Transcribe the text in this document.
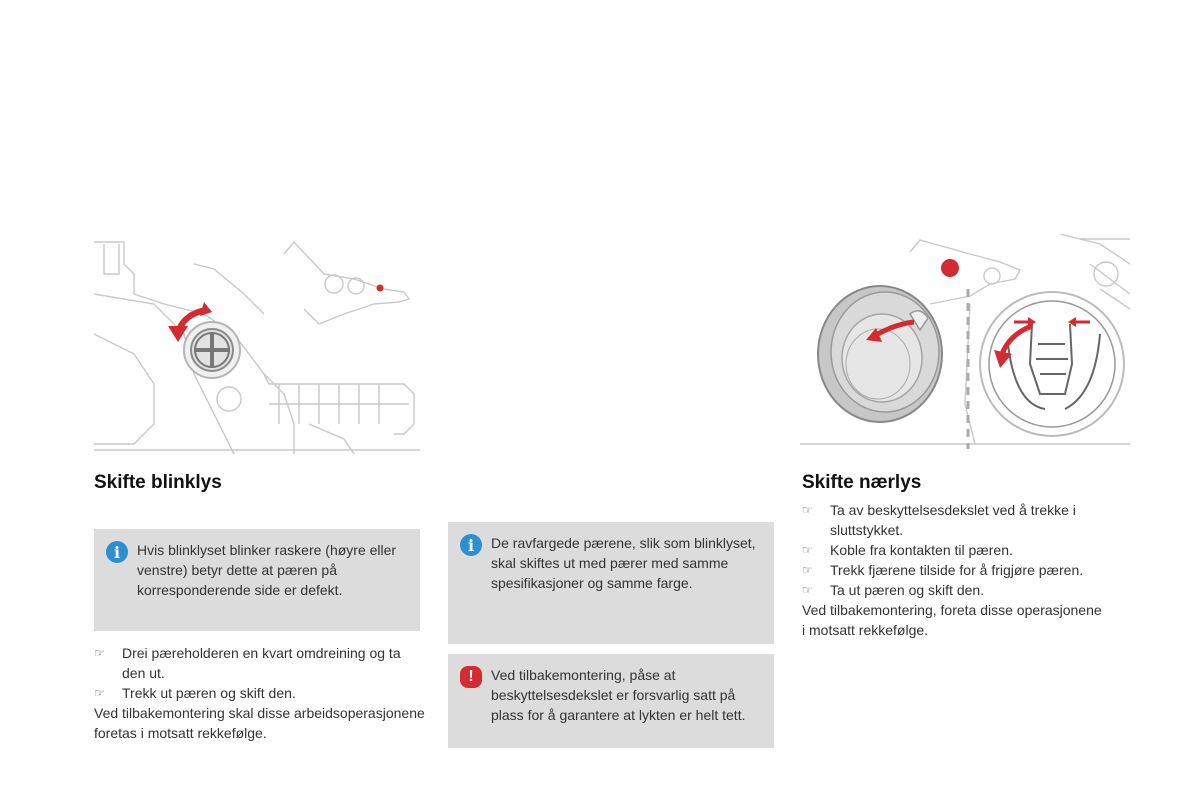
Skifte blinklys
i	Hvis blinklyset blinker raskere (høyre eller venstre) betyr dette at pæren på korresponderende side er defekt.
☞ Drei pæreholderen en kvart omdreining og ta den ut.
☞ Trekk ut pæren og skift den.

Ved tilbakemontering skal disse arbeidsoperasjonene foretas i motsatt rekkefølge.

i	De ravfargede pærene, slik som blinklyset, skal skiftes ut med pærer med samme spesifikasjoner og samme farge.
!	Ved tilbakemontering, påse at beskyttelsesdekslet er forsvarlig satt på plass for å garantere at lykten er helt tett.
Skifte nærlys
☞ Ta av beskyttelsesdekslet ved å trekke i sluttstykket.
☞ Koble fra kontakten til pæren.
☞ Trekk fjærene tilside for å frigjøre pæren.
☞ Ta ut pæren og skift den.

Ved tilbakemontering, foreta disse operasjonene i motsatt rekkefølge.
